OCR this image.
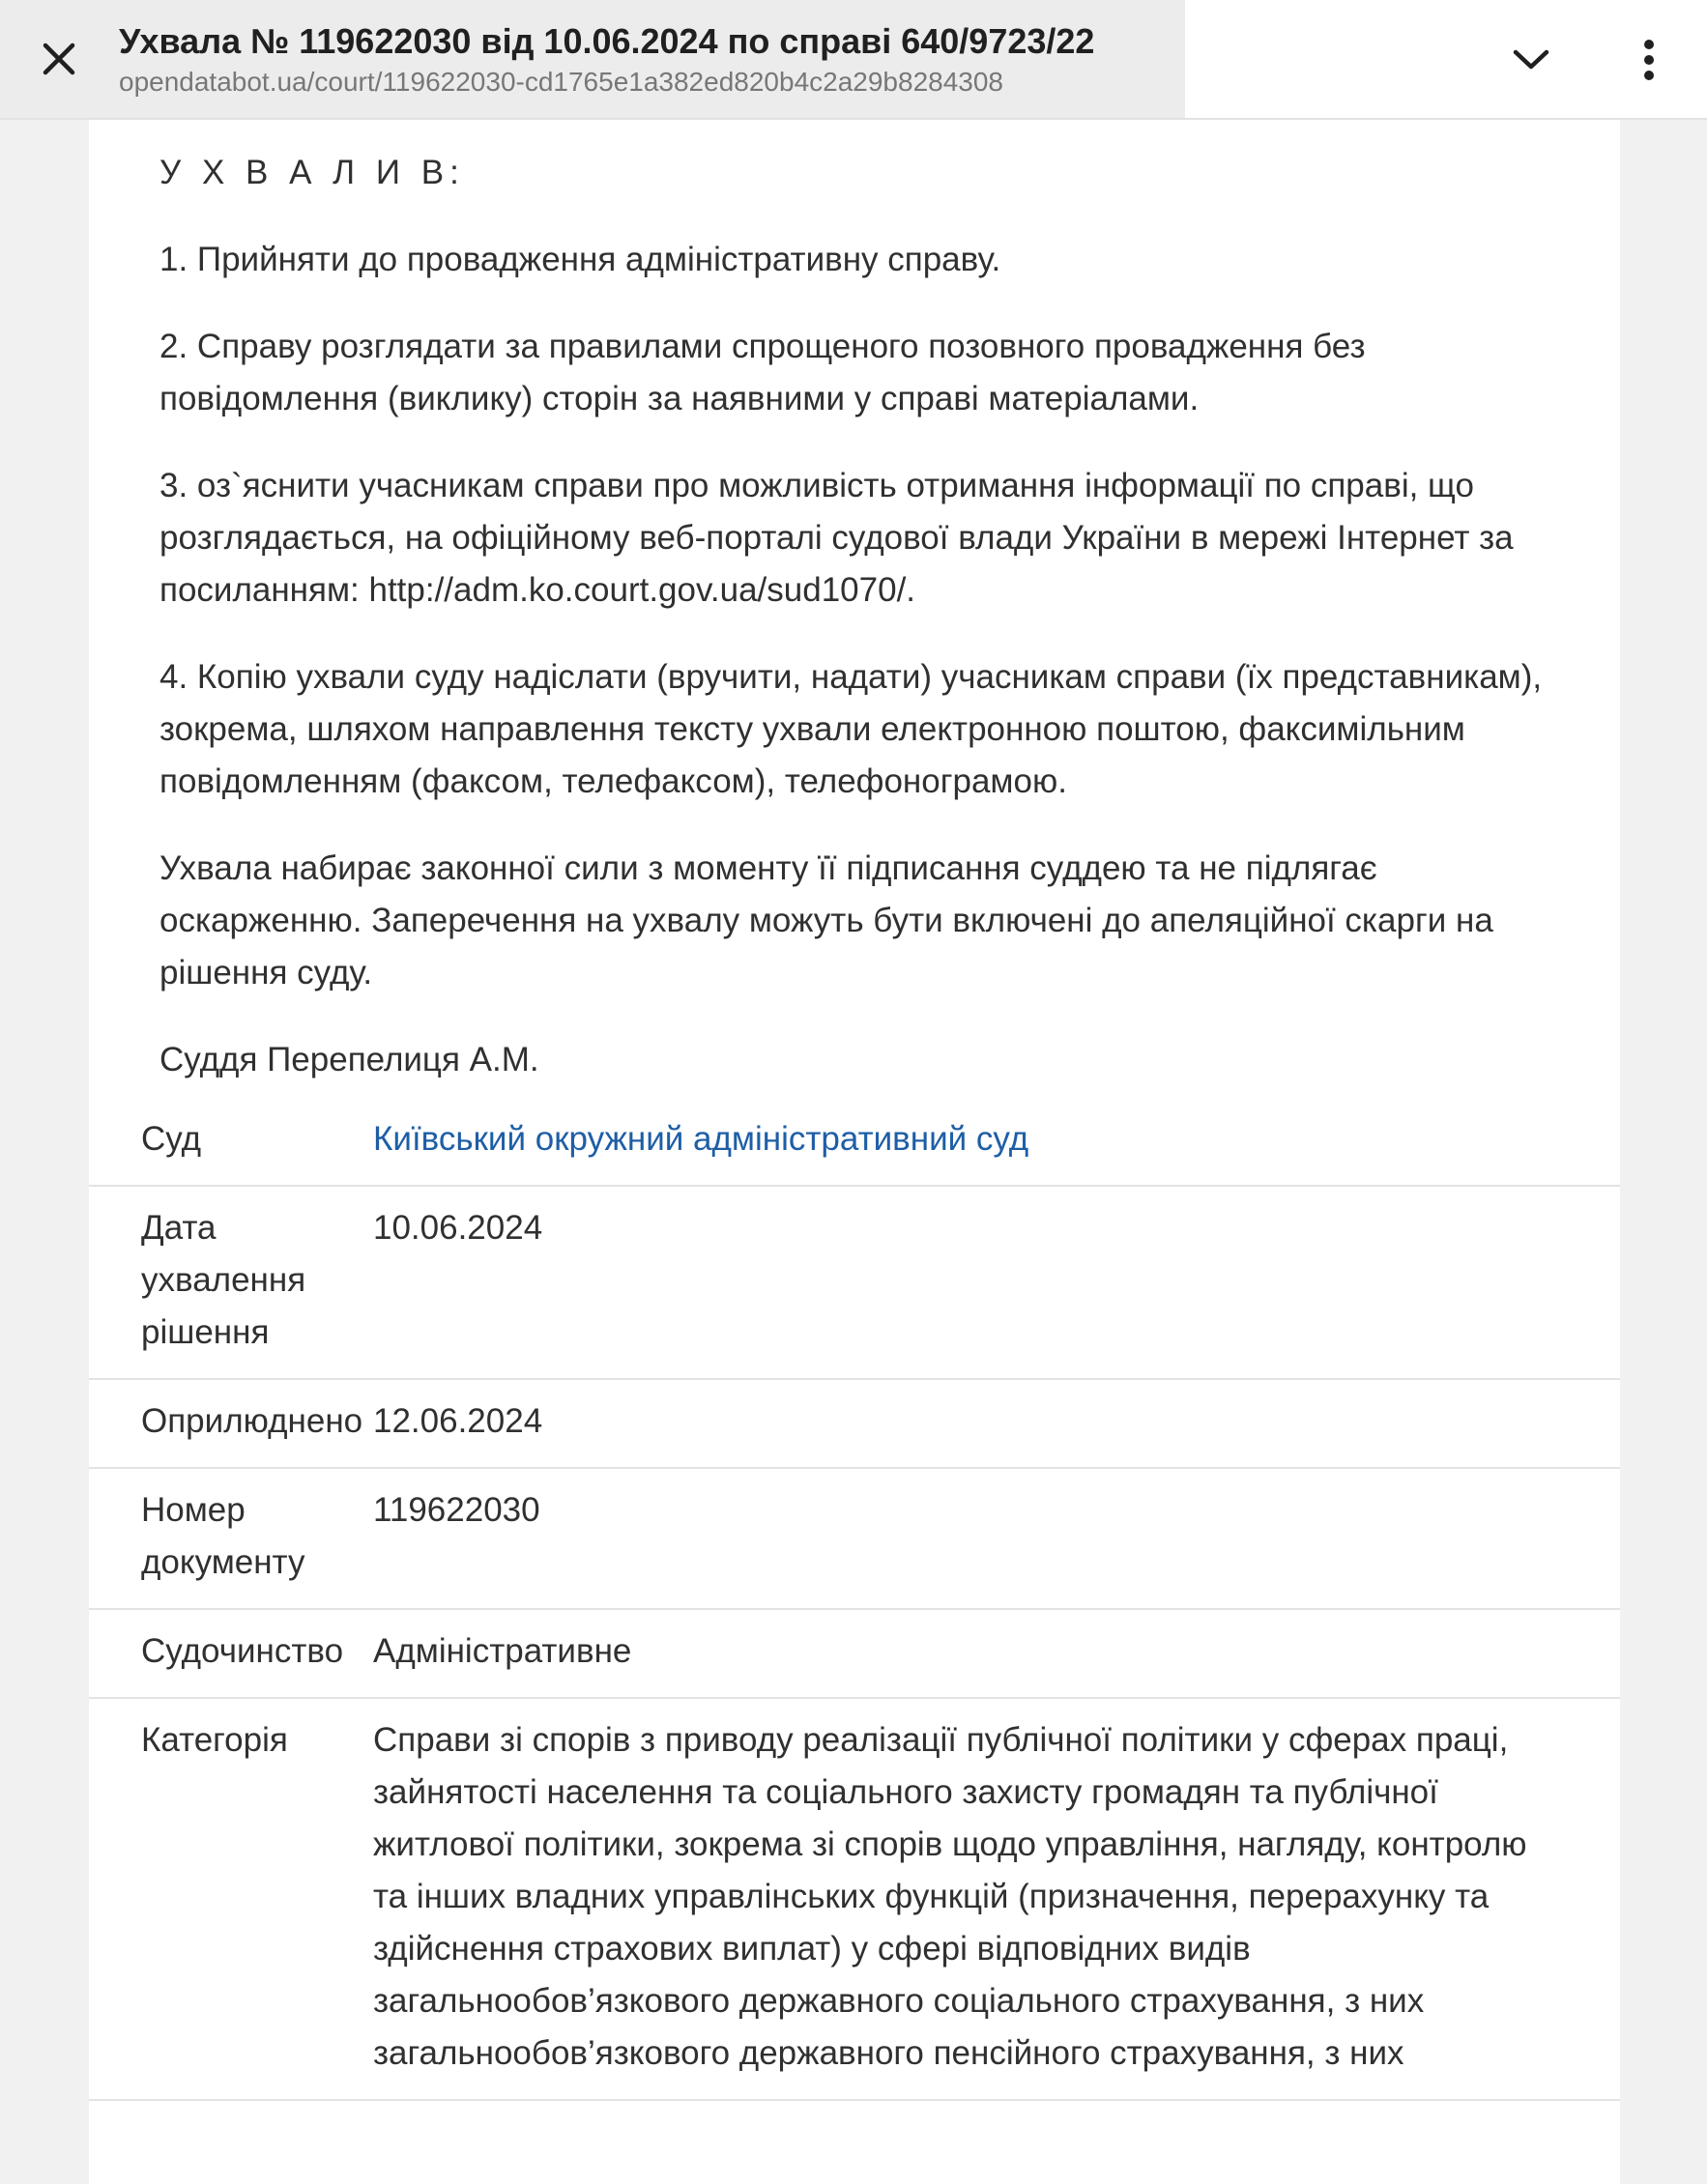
Ухвала № 119622030 від 10.06.2024 по справі 640/9723/22
opendatabot.ua/court/119622030-cd1765e1a382ed820b4c2a29b8284308

У Х В А Л И В:

1. Прийняти до провадження адміністративну справу.

2. Справу розглядати за правилами спрощеного позовного провадження без повідомлення (виклику) сторін за наявними у справі матеріалами.

3. оз`яснити учасникам справи про можливість отримання інформації по справі, що розглядається, на офіційному веб-порталі судової влади України в мережі Інтернет за посиланням: http://adm.ko.court.gov.ua/sud1070/.

4. Копію ухвали суду надіслати (вручити, надати) учасникам справи (їх представникам), зокрема, шляхом направлення тексту ухвали електронною поштою, факсимільним повідомленням (факсом, телефаксом), телефонограмою.

Ухвала набирає законної сили з моменту її підписання суддею та не підлягає оскарженню. Заперечення на ухвалу можуть бути включені до апеляційної скарги на рішення суду.

Суддя Перепелиця А.М.

Суд	Київський окружний адміністративний суд
Дата ухвалення рішення
10.06.2024
Оприлюднено 12.06.2024
Номер документу
119622030
Судочинство Адміністративне
Категорія	Справи зі спорів з приводу реалізації публічної політики у сферах праці, зайнятості населення та соціального захисту громадян та публічної житлової політики, зокрема зі спорів щодо управління, нагляду, контролю та інших владних управлінських функцій (призначення, перерахунку та здійснення страхових виплат) у сфері відповідних видів загальнообов’язкового державного соціального страхування, з них загальнообов’язкового державного пенсійного страхування, з них
